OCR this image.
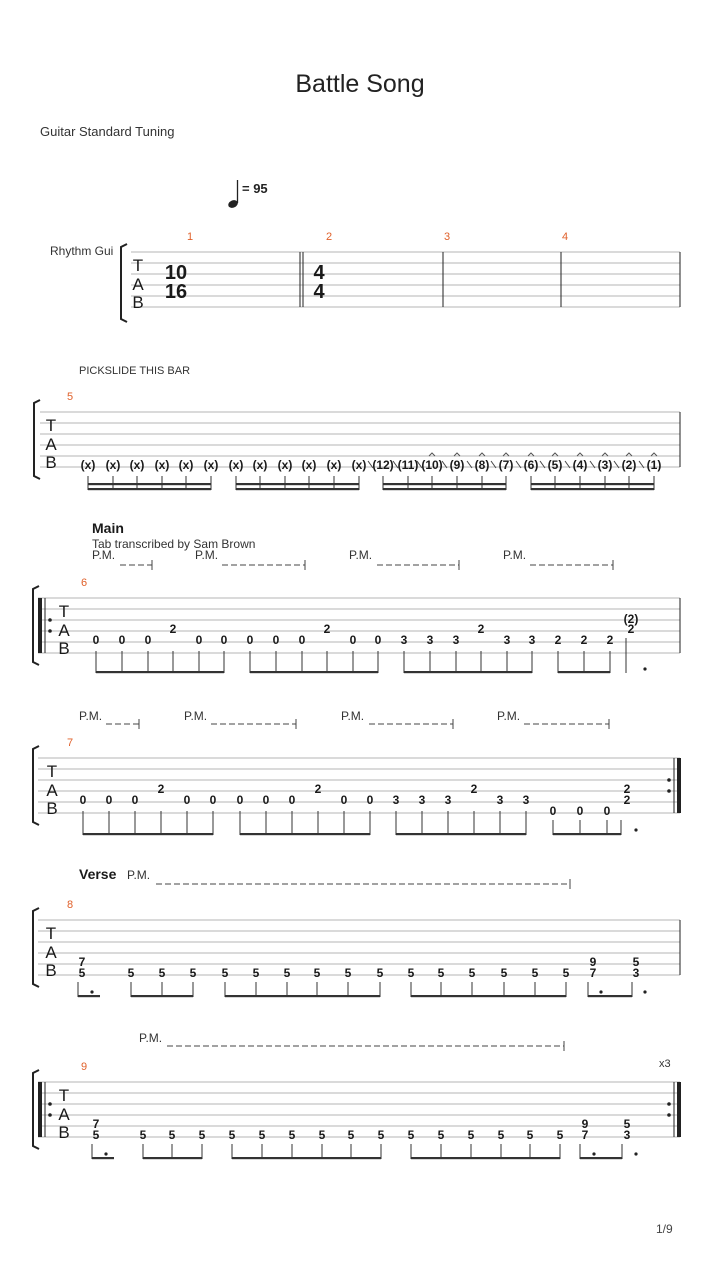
Battle Song
Guitar Standard Tuning
= 95
Rhythm Gui
T
A
B
10
16
4
4
1	2	3	4
T
A
B
5
PICKSLIDE THIS BAR
(x) (x) (x) (x) (x) (x) (x) (x) (x) (x) (x) (x) (12) (11) (10) (9) (8) (7) (6) (5) (4) (3) (2) (1)
T
A
B
6
Main
Tab transcribed by Sam Brown
P.M.	P.M.	P.M.	P.M.
0 0 0
2
0 0 0 0 0
2
0 0 3 3 3
2
3 3 2 2 2
(2)
2
T
A
B
7
P.M.	P.M.	P.M.	P.M.
0 0 0
2
0 0 0 0 0
2
0 0 3 3 3
2
3 3
0 0 0
2
2
T
A
B
8
Verse P.M.
7
5	5 5 5 5 5 5 5 5 5 5 5 5 5 5 5
9
7
5
3
T
A
B
9
P.M.
x3
7
5	5 5 5 5 5 5 5 5 5 5 5 5 5 5 5
9
7
5
3
1/9
